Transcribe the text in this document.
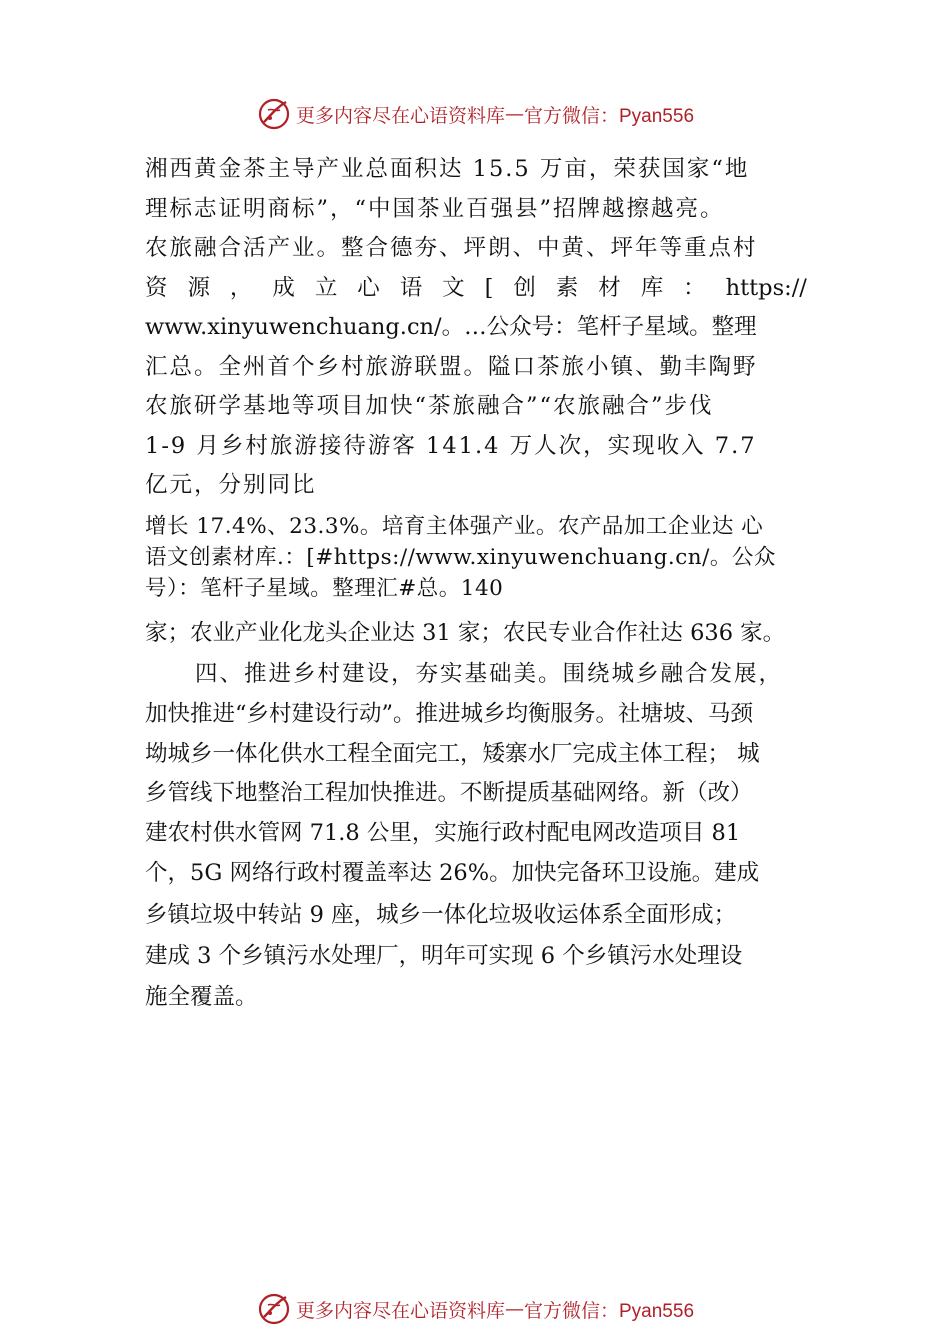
更多内容尽在心语资料库 — 官方微信：Pyan556
湘西黄金茶主导产业总面积达 15.5 万亩，荣获国家“地
理标志证明商标”，“中国茶业百强县”招牌越擦越亮。
农旅融合活产业。整合德夯、坪朗、中黄、坪年等重点村
资 源 ， 成 立 心 语 文 [ 创 素 材 库 ： https://
www.xinyuwenchuang.cn/。…公众号：笔杆子星域。整理
汇总。全州首个乡村旅游联盟。隘口茶旅小镇、勤丰陶野
农旅研学基地等项目加快“茶旅融合”“农旅融合”步伐
1-9 月乡村旅游接待游客 141.4 万人次，实现收入 7.7
亿元，分别同比
增长 17.4%、23.3%。培育主体强产业。农产品加工企业达 心
语文创素材库.：[#https://www.xinyuwenchuang.cn/。公众
号）：笔杆子星域。整理汇#总。140
家；农业产业化龙头企业达 31 家；农民专业合作社达 636 家。
四、推进乡村建设，夯实基础美。围绕城乡融合发展，
加快推进“乡村建设行动”。推进城乡均衡服务。社塘坡、马颈
坳城乡一体化供水工程全面完工，矮寨水厂完成主体工程； 城
乡管线下地整治工程加快推进。不断提质基础网络。新（改）
建农村供水管网 71.8 公里，实施行政村配电网改造项目 81
个，5G 网络行政村覆盖率达 26%。加快完备环卫设施。建成
乡镇垃圾中转站 9 座，城乡一体化垃圾收运体系全面形成；
建成 3 个乡镇污水处理厂，明年可实现 6 个乡镇污水处理设
施全覆盖。
更多内容尽在心语资料库 — 官方微信：Pyan556
